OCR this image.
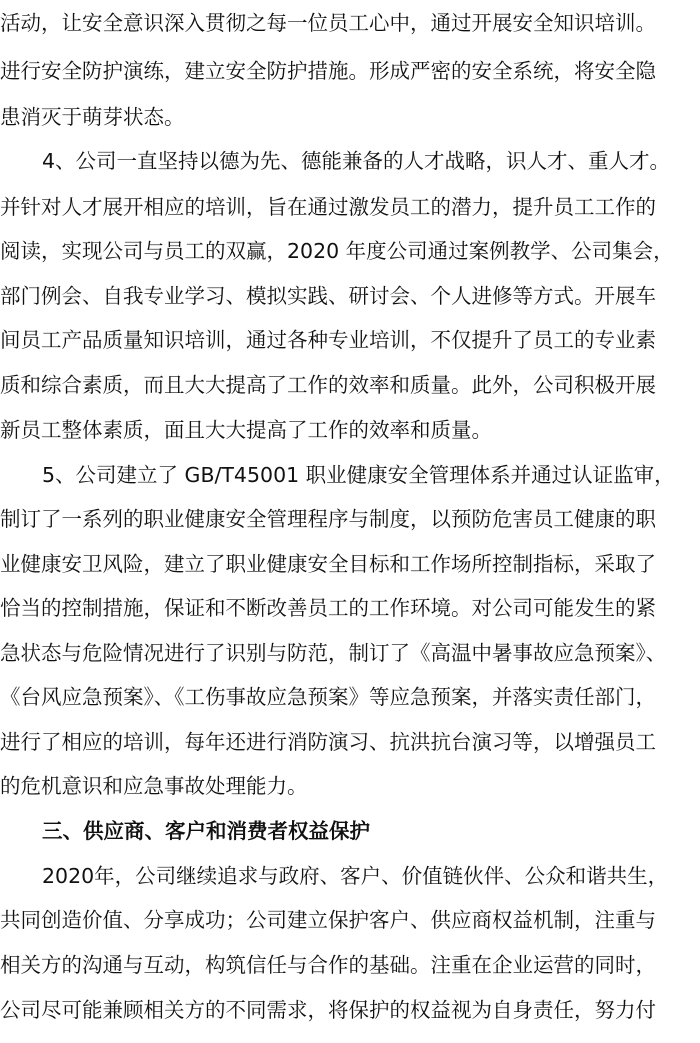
活动，让安全意识深入贯彻之每一位员工心中，通过开展安全知识培训。
进行安全防护演练，建立安全防护措施。形成严密的安全系统，将安全隐
患消灭于萌芽状态。
4、公司一直坚持以德为先、德能兼备的人才战略，识人才、重人才。
并针对人才展开相应的培训，旨在通过激发员工的潜力，提升员工工作的
阅读，实现公司与员工的双赢，2020 年度公司通过案例教学、公司集会，
部门例会、自我专业学习、模拟实践、研讨会、个人进修等方式。开展车
间员工产品质量知识培训，通过各种专业培训，不仅提升了员工的专业素
质和综合素质，而且大大提高了工作的效率和质量。此外，公司积极开展
新员工整体素质，面且大大提高了工作的效率和质量。
5、公司建立了 GB/T45001 职业健康安全管理体系并通过认证监审，
制订了一系列的职业健康安全管理程序与制度，以预防危害员工健康的职
业健康安卫风险，建立了职业健康安全目标和工作场所控制指标，采取了
恰当的控制措施，保证和不断改善员工的工作环境。对公司可能发生的紧
急状态与危险情况进行了识别与防范，制订了《高温中暑事故应急预案》、
《台风应急预案》、《工伤事故应急预案》等应急预案，并落实责任部门，
进行了相应的培训，每年还进行消防演习、抗洪抗台演习等，以增强员工
的危机意识和应急事故处理能力。
三、供应商、客户和消费者权益保护
2020年，公司继续追求与政府、客户、价值链伙伴、公众和谐共生，
共同创造价值、分享成功；公司建立保护客户、供应商权益机制，注重与
相关方的沟通与互动，构筑信任与合作的基础。注重在企业运营的同时，
公司尽可能兼顾相关方的不同需求，将保护的权益视为自身责任，努力付
